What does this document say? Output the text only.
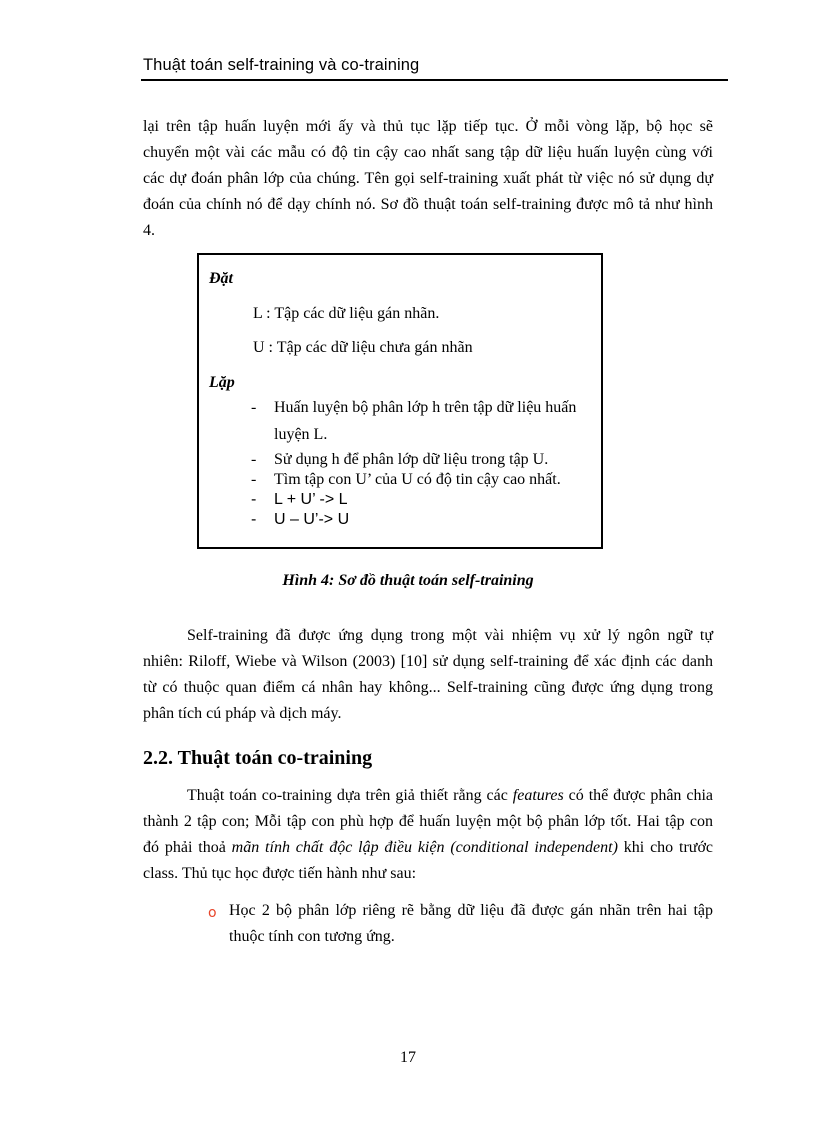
Thuật toán self-training và co-training
lại trên tập huấn luyện mới ấy và thủ tục lặp tiếp tục. Ở mỗi vòng lặp, bộ học sẽ
chuyển một vài các mẫu có độ tin cậy cao nhất sang tập dữ liệu huấn luyện cùng với
các dự đoán phân lớp của chúng. Tên gọi self-training xuất phát từ việc nó sử dụng dự
đoán của chính nó để dạy chính nó. Sơ đồ thuật toán self-training được mô tả như hình
4.
Đặt
L : Tập các dữ liệu gán nhãn.
U : Tập các dữ liệu chưa gán nhãn
Lặp
- Huấn luyện bộ phân lớp h trên tập dữ liệu huấn
luyện L.
- Sử dụng h để phân lớp dữ liệu trong tập U.
- Tìm tập con U’ của U có độ tin cậy cao nhất.
- L + U’ -> L
- U – U’-> U
Hình 4: Sơ đồ thuật toán self-training
Self-training đã được ứng dụng trong một vài nhiệm vụ xử lý ngôn ngữ tự
nhiên: Riloff, Wiebe và Wilson (2003) [10] sử dụng self-training để xác định các danh
từ có thuộc quan điểm cá nhân hay không... Self-training cũng được ứng dụng trong
phân tích cú pháp và dịch máy.
2.2. Thuật toán co-training
Thuật toán co-training dựa trên giả thiết rằng các features có thể được phân chia
thành 2 tập con; Mỗi tập con phù hợp để huấn luyện một bộ phân lớp tốt. Hai tập con
đó phải thoả mãn tính chất độc lập điều kiện (conditional independent) khi cho trước
class. Thủ tục học được tiến hành như sau:
o Học 2 bộ phân lớp riêng rẽ bằng dữ liệu đã được gán nhãn trên hai tập
thuộc tính con tương ứng.
17
